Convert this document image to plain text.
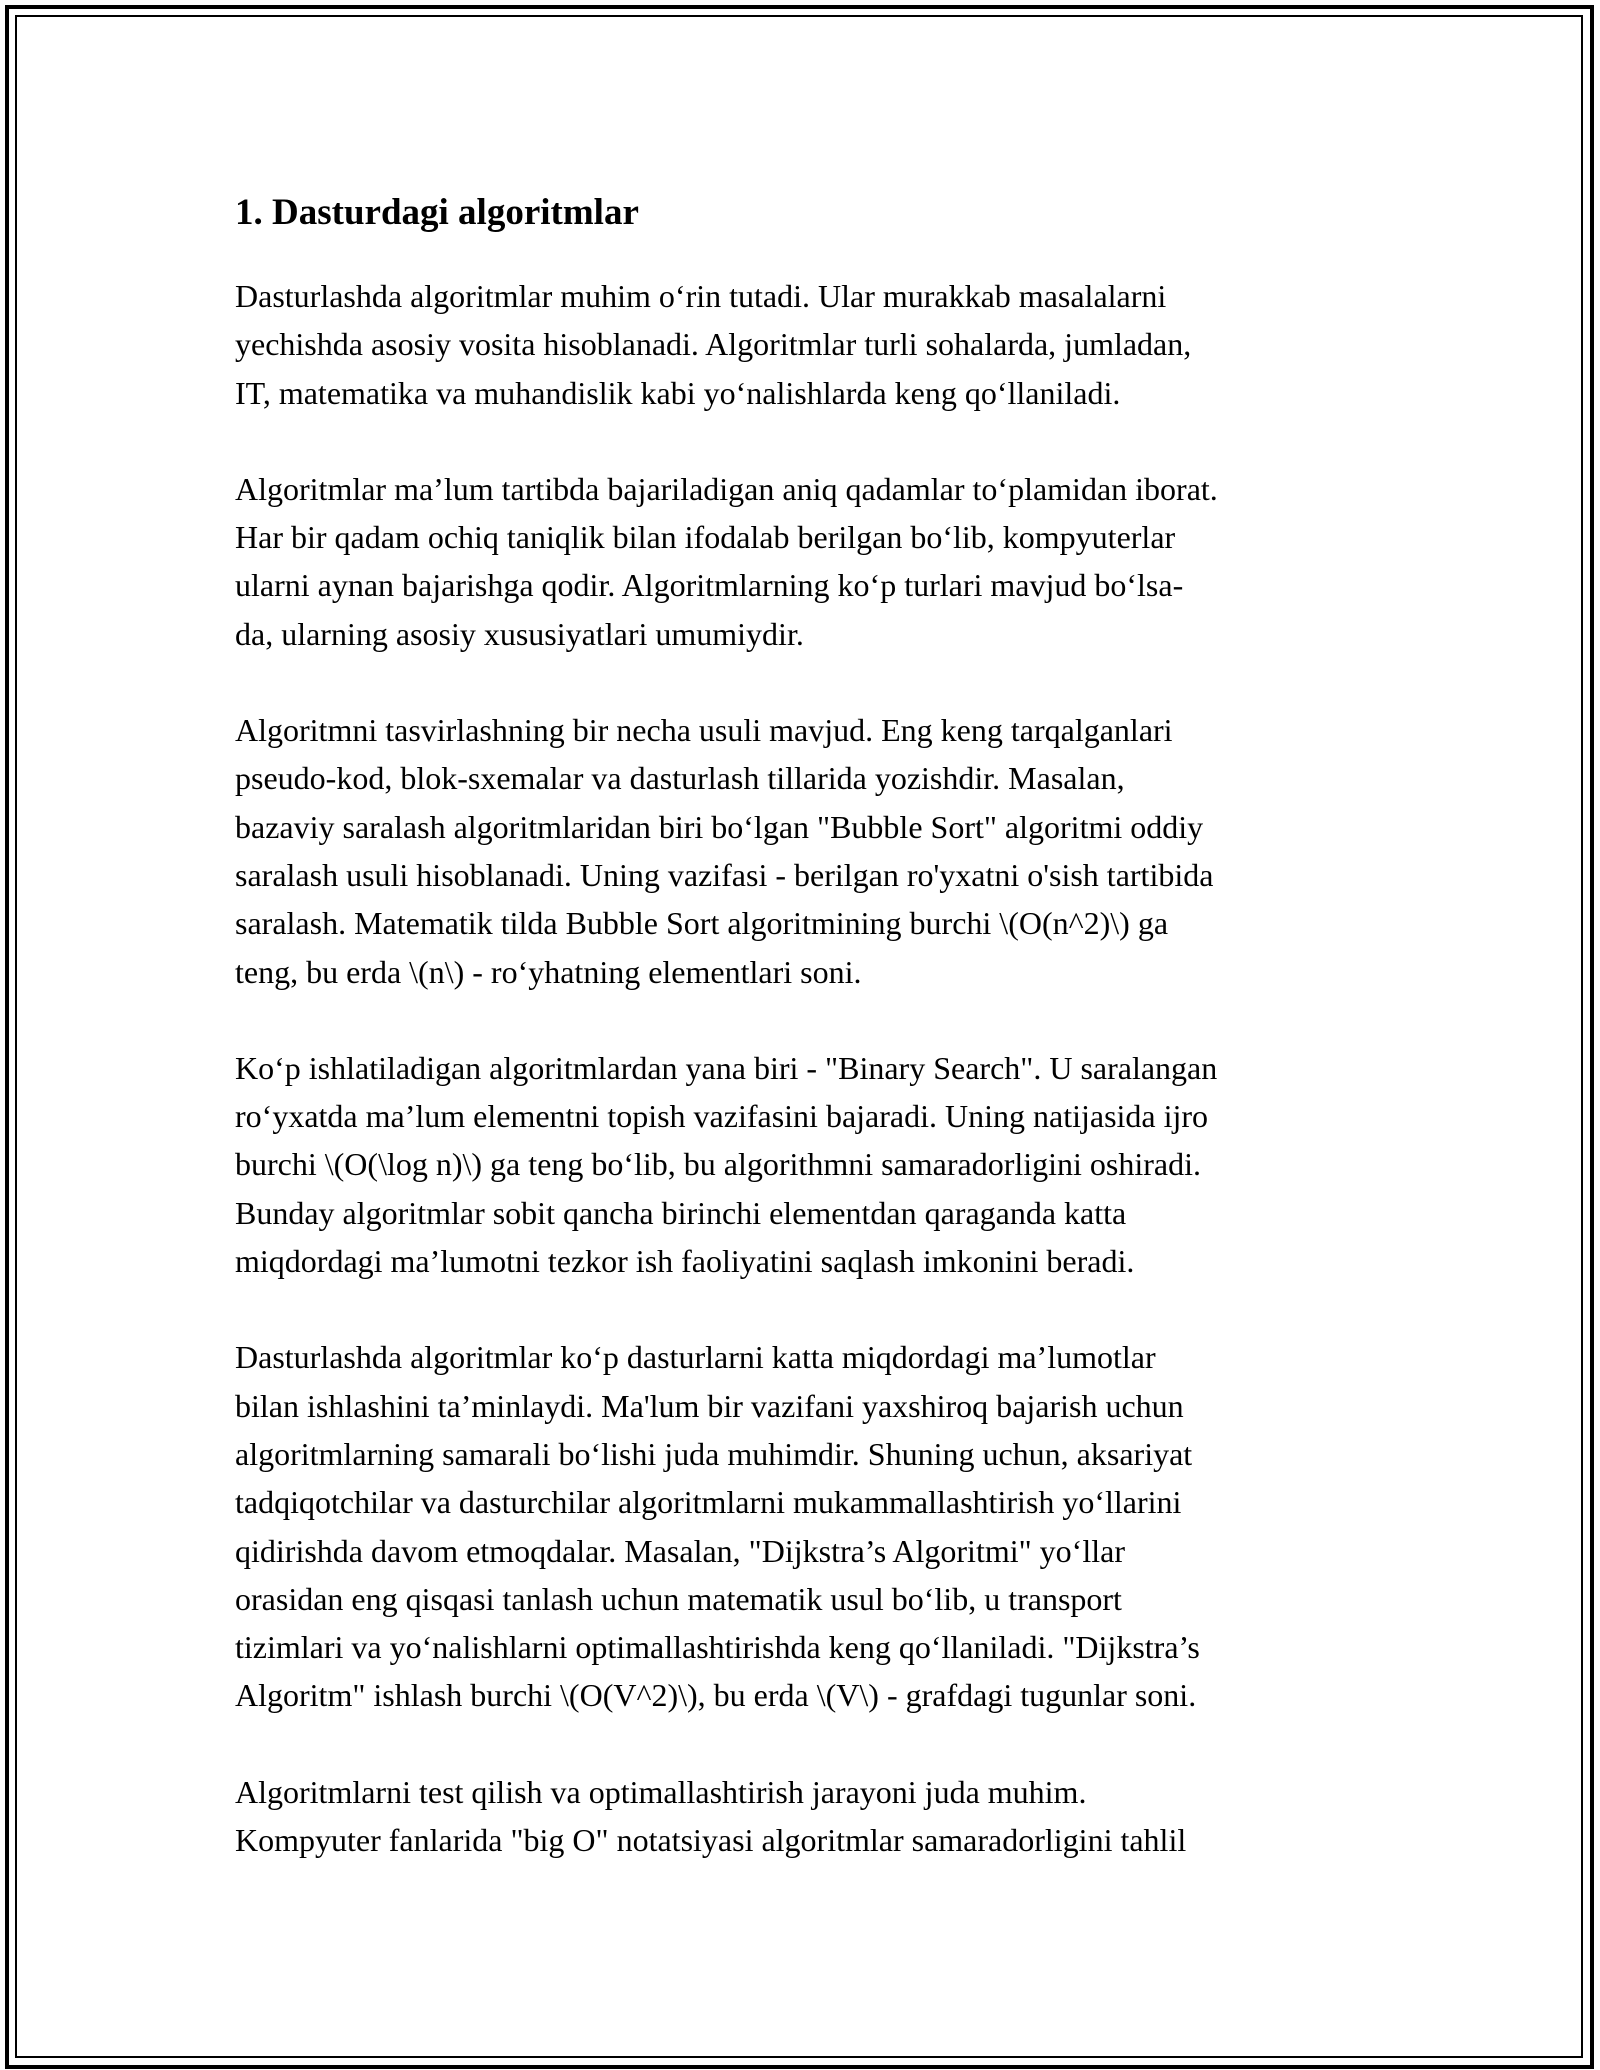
1. Dasturdagi algoritmlar

Dasturlashda algoritmlar muhim o‘rin tutadi. Ular murakkab masalalarni
yechishda asosiy vosita hisoblanadi. Algoritmlar turli sohalarda, jumladan,
IT, matematika va muhandislik kabi yo‘nalishlarda keng qo‘llaniladi.

Algoritmlar ma’lum tartibda bajariladigan aniq qadamlar to‘plamidan iborat.
Har bir qadam ochiq taniqlik bilan ifodalab berilgan bo‘lib, kompyuterlar
ularni aynan bajarishga qodir. Algoritmlarning ko‘p turlari mavjud bo‘lsa-
da, ularning asosiy xususiyatlari umumiydir.

Algoritmni tasvirlashning bir necha usuli mavjud. Eng keng tarqalganlari
pseudo-kod, blok-sxemalar va dasturlash tillarida yozishdir. Masalan,
bazaviy saralash algoritmlaridan biri bo‘lgan "Bubble Sort" algoritmi oddiy
saralash usuli hisoblanadi. Uning vazifasi - berilgan ro'yxatni o'sish tartibida
saralash. Matematik tilda Bubble Sort algoritmining burchi \(O(n^2)\) ga
teng, bu erda \(n\) - ro‘yhatning elementlari soni.

Ko‘p ishlatiladigan algoritmlardan yana biri - "Binary Search". U saralangan
ro‘yxatda ma’lum elementni topish vazifasini bajaradi. Uning natijasida ijro
burchi \(O(\log n)\) ga teng bo‘lib, bu algorithmni samaradorligini oshiradi.
Bunday algoritmlar sobit qancha birinchi elementdan qaraganda katta
miqdordagi ma’lumotni tezkor ish faoliyatini saqlash imkonini beradi.

Dasturlashda algoritmlar ko‘p dasturlarni katta miqdordagi ma’lumotlar
bilan ishlashini ta’minlaydi. Ma'lum bir vazifani yaxshiroq bajarish uchun
algoritmlarning samarali bo‘lishi juda muhimdir. Shuning uchun, aksariyat
tadqiqotchilar va dasturchilar algoritmlarni mukammallashtirish yo‘llarini
qidirishda davom etmoqdalar. Masalan, "Dijkstra’s Algoritmi" yo‘llar
orasidan eng qisqasi tanlash uchun matematik usul bo‘lib, u transport
tizimlari va yo‘nalishlarni optimallashtirishda keng qo‘llaniladi. "Dijkstra’s
Algoritm" ishlash burchi \(O(V^2)\), bu erda \(V\) - grafdagi tugunlar soni.

Algoritmlarni test qilish va optimallashtirish jarayoni juda muhim.
Kompyuter fanlarida "big O" notatsiyasi algoritmlar samaradorligini tahlil
